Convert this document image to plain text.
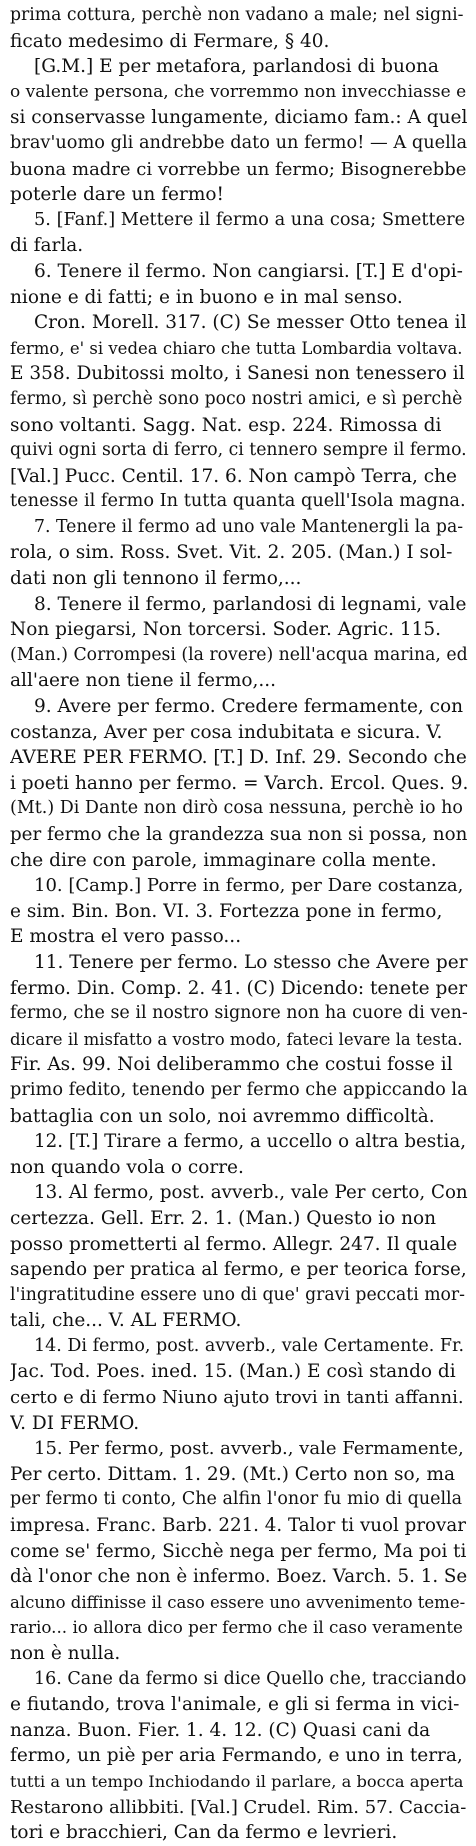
prima cottura, perchè non vadano a male; nel signi-
ficato medesimo di Fermare, § 40.
[G.M.] E per metafora, parlandosi di buona
o valente persona, che vorremmo non invecchiasse e
si conservasse lungamente, diciamo fam.: A quel
brav'uomo gli andrebbe dato un fermo! — A quella
buona madre ci vorrebbe un fermo; Bisognerebbe
poterle dare un fermo!
5. [Fanf.] Mettere il fermo a una cosa; Smettere
di farla.
6. Tenere il fermo. Non cangiarsi. [T.] E d'opi-
nione e di fatti; e in buono e in mal senso.
Cron. Morell. 317. (C) Se messer Otto tenea il
fermo, e' si vedea chiaro che tutta Lombardia voltava.
E 358. Dubitossi molto, i Sanesi non tenessero il
fermo, sì perchè sono poco nostri amici, e sì perchè
sono voltanti. Sagg. Nat. esp. 224. Rimossa di
quivi ogni sorta di ferro, ci tennero sempre il fermo.
[Val.] Pucc. Centil. 17. 6. Non campò Terra, che
tenesse il fermo In tutta quanta quell'Isola magna.
7. Tenere il fermo ad uno vale Mantenergli la pa-
rola, o sim. Ross. Svet. Vit. 2. 205. (Man.) I sol-
dati non gli tennono il fermo,...
8. Tenere il fermo, parlandosi di legnami, vale
Non piegarsi, Non torcersi. Soder. Agric. 115.
(Man.) Corrompesi (la rovere) nell'acqua marina, ed
all'aere non tiene il fermo,...
9. Avere per fermo. Credere fermamente, con
costanza, Aver per cosa indubitata e sicura. V.
AVERE PER FERMO. [T.] D. Inf. 29. Secondo che
i poeti hanno per fermo. = Varch. Ercol. Ques. 9.
(Mt.) Di Dante non dirò cosa nessuna, perchè io ho
per fermo che la grandezza sua non si possa, non
che dire con parole, immaginare colla mente.
10. [Camp.] Porre in fermo, per Dare costanza,
e sim. Bin. Bon. VI. 3. Fortezza pone in fermo,
E mostra el vero passo...
11. Tenere per fermo. Lo stesso che Avere per
fermo. Din. Comp. 2. 41. (C) Dicendo: tenete per
fermo, che se il nostro signore non ha cuore di ven-
dicare il misfatto a vostro modo, fateci levare la testa.
Fir. As. 99. Noi deliberammo che costui fosse il
primo fedito, tenendo per fermo che appiccando la
battaglia con un solo, noi avremmo difficoltà.
12. [T.] Tirare a fermo, a uccello o altra bestia,
non quando vola o corre.
13. Al fermo, post. avverb., vale Per certo, Con
certezza. Gell. Err. 2. 1. (Man.) Questo io non
posso prometterti al fermo. Allegr. 247. Il quale
sapendo per pratica al fermo, e per teorica forse,
l'ingratitudine essere uno di que' gravi peccati mor-
tali, che... V. AL FERMO.
14. Di fermo, post. avverb., vale Certamente. Fr.
Jac. Tod. Poes. ined. 15. (Man.) E così stando di
certo e di fermo Niuno ajuto trovi in tanti affanni.
V. DI FERMO.
15. Per fermo, post. avverb., vale Fermamente,
Per certo. Dittam. 1. 29. (Mt.) Certo non so, ma
per fermo ti conto, Che alfin l'onor fu mio di quella
impresa. Franc. Barb. 221. 4. Talor ti vuol provar
come se' fermo, Sicchè nega per fermo, Ma poi ti
dà l'onor che non è infermo. Boez. Varch. 5. 1. Se
alcuno diffinisse il caso essere uno avvenimento teme-
rario... io allora dico per fermo che il caso veramente
non è nulla.
16. Cane da fermo si dice Quello che, tracciando
e fiutando, trova l'animale, e gli si ferma in vici-
nanza. Buon. Fier. 1. 4. 12. (C) Quasi cani da
fermo, un piè per aria Fermando, e uno in terra,
tutti a un tempo Inchiodando il parlare, a bocca aperta
Restarono allibbiti. [Val.] Crudel. Rim. 57. Caccia-
tori e bracchieri, Can da fermo e levrieri.
